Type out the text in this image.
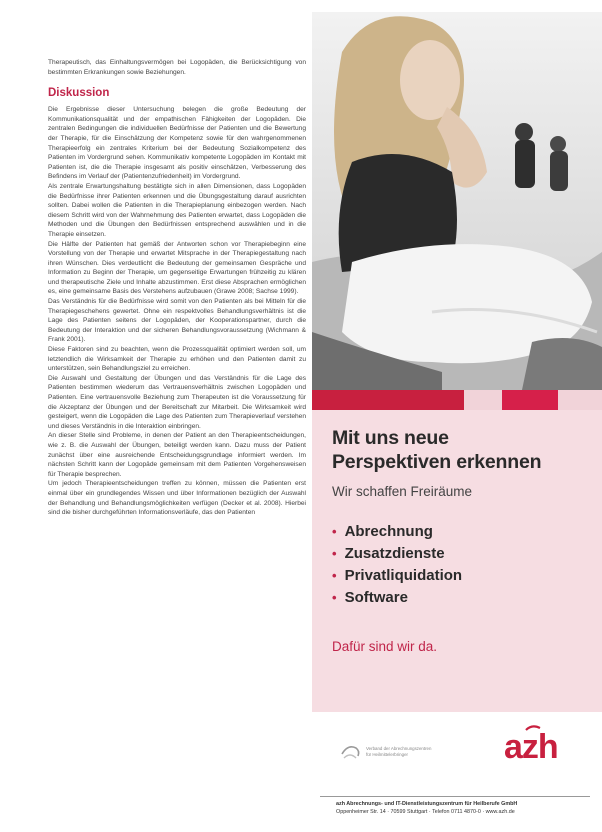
Therapeutisch, das Einhaltungsvermögen bei Logopäden, die Berücksichtigung von bestimmten Erkrankungen sowie Beziehungen.

Diskussion

Die Ergebnisse dieser Untersuchung belegen die große Bedeutung der Kommunikationsqualität und der empathischen Fähigkeiten der Logopäden. Die zentralen Bedingungen die individuellen Bedürfnisse der Patienten und die Bewertung der Therapie, für die Einschätzung der Kompetenz sowie für den wahrgenommenen Therapieerfolg ein zentrales Kriterium bei der Bedeutung Sozialkompetenz des Patienten im Vordergrund sehen. Kommunikativ kompetente Logopäden im Kontakt mit Patienten ist, die die Therapie insgesamt als positiv einschätzen, Verbesserung des Befindens im Verlauf der (Patientenzufriedenheit) im Vordergrund.

Als zentrale Erwartungshaltung bestätigte sich in allen Dimensionen, dass Logopäden die Bedürfnisse ihrer Patienten erkennen und die Übungsgestaltung darauf ausrichten sollten. Dabei wollen die Patienten in die Therapieplanung einbezogen werden. Nach diesem Schritt wird von der Wahrnehmung des Patienten erwartet, dass Logopäden die Methoden und die Übungen den Bedürfnissen entsprechend auswählen und in die Therapie einsetzen.

Die Hälfte der Patienten hat gemäß der Antworten schon vor Therapiebeginn eine Vorstellung von der Therapie und erwartet Mitsprache in der Therapiegestaltung nach ihren Wünschen. Dies verdeutlicht die Bedeutung der gemeinsamen Gespräche und Information zu Beginn der Therapie, um gegenseitige Erwartungen frühzeitig zu klären und therapeutische Ziele und Inhalte abzustimmen. Erst diese Absprachen ermöglichen es, eine gemeinsame Basis des Verstehens aufzubauen (Grawe 2008; Sachse 1999).

Das Verständnis für die Bedürfnisse wird somit von den Patienten als bei Mitteln für die Therapiegeschehens gewertet. Ohne ein respektvolles Behandlungsverhältnis ist die Lage des Patienten seitens der Logopäden, der Kooperationspartner, durch die Bedeutung der Interaktion und der sicheren Behandlungsvoraussetzung (Wichmann & Frank 2001).

Diese Faktoren sind zu beachten, wenn die Prozessqualität optimiert werden soll, um letztendlich die Wirksamkeit der Therapie zu erhöhen und den Patienten damit zu unterstützen, sein Behandlungsziel zu erreichen.

Die Auswahl und Gestaltung der Übungen und das Verständnis für die Lage des Patienten bestimmen wiederum das Vertrauensverhältnis zwischen Logopäden und Patienten. Eine vertrauensvolle Beziehung zum Therapeuten ist die Voraussetzung für die Akzeptanz der Übungen und der Bereitschaft zur Mitarbeit. Die Wirksamkeit wird gesteigert, wenn die Logopäden die Lage des Patienten zum Therapieverlauf verstehen und dieses Verständnis in die Interaktion einbringen.

An dieser Stelle sind Probleme, in denen der Patient an den Therapieentscheidungen, wie z. B. die Auswahl der Übungen, beteiligt werden kann. Dazu muss der Patient zunächst über eine ausreichende Entscheidungsgrundlage informiert werden. Im nächsten Schritt kann der Logopäde gemeinsam mit dem Patienten Vorgehensweisen für Therapie besprechen.

Um jedoch Therapieentscheidungen treffen zu können, müssen die Patienten erst einmal über ein grundlegendes Wissen und über Informationen bezüglich der Auswahl der Behandlung und Behandlungsmöglichkeiten verfügen (Decker et al. 2008). Hierbei sind die bisher durchgeführten Informationsverläufe, das den Patienten

Mit uns neue
Perspektiven erkennen
Wir schaffen Freiräume
• Abrechnung
• Zusatzdienste
• Privatliquidation
• Software
Dafür sind wir da.
Verband der Abrechnungszentren
für Heilmittelerbringer	azh
azh Abrechnungs- und IT-Dienstleistungszentrum für Heilberufe GmbH
Oppenheimer Str. 14 · 70599 Stuttgart · Telefon 0711 4870-0 · www.azh.de
